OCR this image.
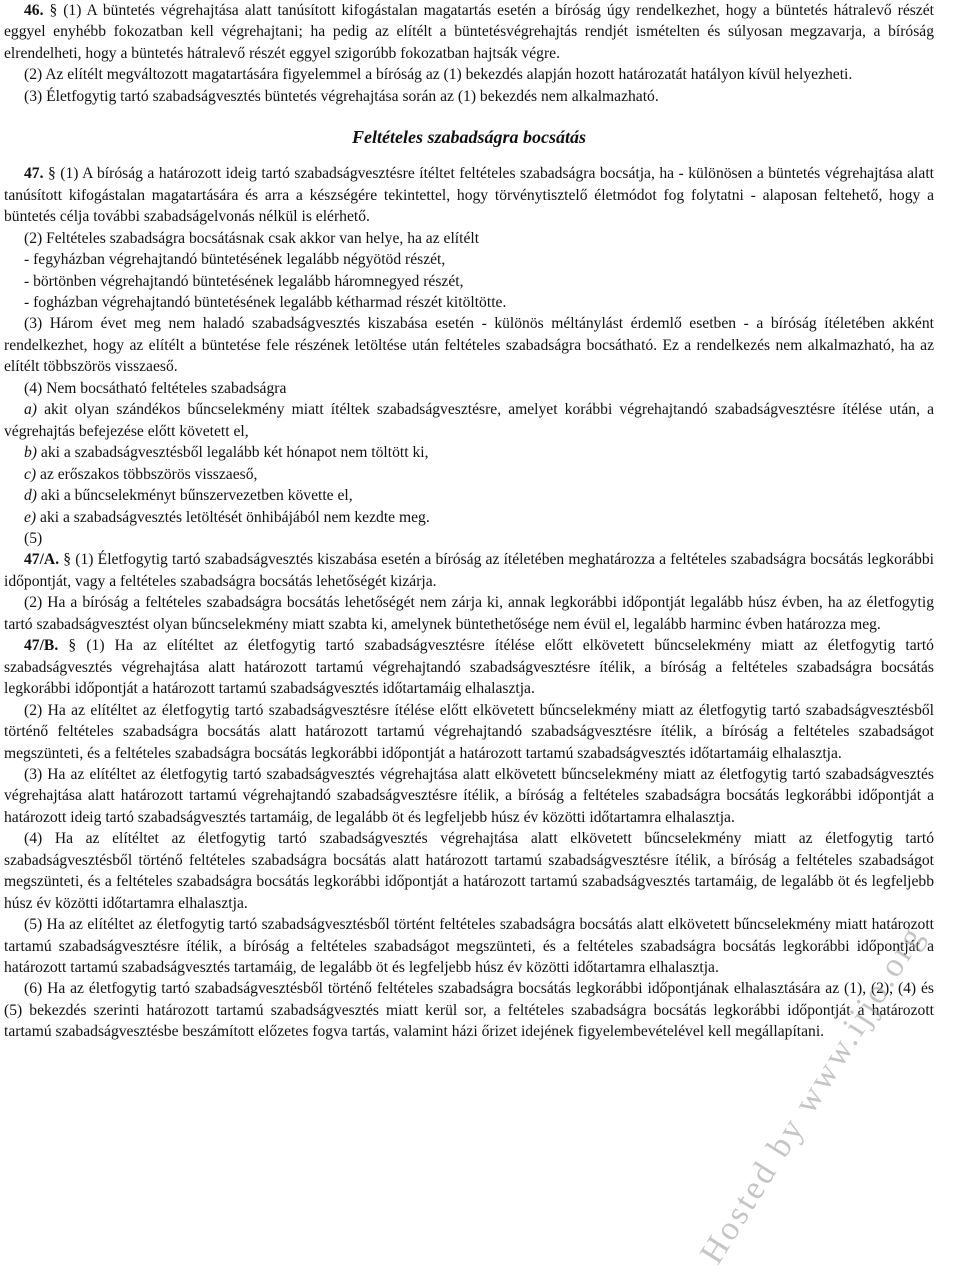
46. § (1) A büntetés végrehajtása alatt tanúsított kifogástalan magatartás esetén a bíróság úgy rendelkezhet, hogy a büntetés hátralevő részét eggyel enyhébb fokozatban kell végrehajtani; ha pedig az elítélt a büntetésvégrehajtás rendjét ismételten és súlyosan megzavarja, a bíróság elrendelheti, hogy a büntetés hátralevő részét eggyel szigorúbb fokozatban hajtsák végre.

(2) Az elítélt megváltozott magatartására figyelemmel a bíróság az (1) bekezdés alapján hozott határozatát hatályon kívül helyezheti.

(3) Életfogytig tartó szabadságvesztés büntetés végrehajtása során az (1) bekezdés nem alkalmazható.

Feltételes szabadságra bocsátás

47. § (1) A bíróság a határozott ideig tartó szabadságvesztésre ítéltet feltételes szabadságra bocsátja, ha - különösen a büntetés végrehajtása alatt tanúsított kifogástalan magatartására és arra a készségére tekintettel, hogy törvénytisztelő életmódot fog folytatni - alaposan feltehető, hogy a büntetés célja további szabadságelvonás nélkül is elérhető.

(2) Feltételes szabadságra bocsátásnak csak akkor van helye, ha az elítélt

- fegyházban végrehajtandó büntetésének legalább négyötöd részét,

- börtönben végrehajtandó büntetésének legalább háromnegyed részét,

- fogházban végrehajtandó büntetésének legalább kétharmad részét kitöltötte.

(3) Három évet meg nem haladó szabadságvesztés kiszabása esetén - különös méltánylást érdemlő esetben - a bíróság ítéletében akként rendelkezhet, hogy az elítélt a büntetése fele részének letöltése után feltételes szabadságra bocsátható. Ez a rendelkezés nem alkalmazható, ha az elítélt többszörös visszaeső.

(4) Nem bocsátható feltételes szabadságra

a) akit olyan szándékos bűncselekmény miatt ítéltek szabadságvesztésre, amelyet korábbi végrehajtandó szabadságvesztésre ítélése után, a végrehajtás befejezése előtt követett el,

b) aki a szabadságvesztésből legalább két hónapot nem töltött ki,

c) az erőszakos többszörös visszaeső,

d) aki a bűncselekményt bűnszervezetben követte el,

e) aki a szabadságvesztés letöltését önhibájából nem kezdte meg.

(5)

47/A. § (1) Életfogytig tartó szabadságvesztés kiszabása esetén a bíróság az ítéletében meghatározza a feltételes szabadságra bocsátás legkorábbi időpontját, vagy a feltételes szabadságra bocsátás lehetőségét kizárja.

(2) Ha a bíróság a feltételes szabadságra bocsátás lehetőségét nem zárja ki, annak legkorábbi időpontját legalább húsz évben, ha az életfogytig tartó szabadságvesztést olyan bűncselekmény miatt szabta ki, amelynek büntethetősége nem évül el, legalább harminc évben határozza meg.

47/B. § (1) Ha az elítéltet az életfogytig tartó szabadságvesztésre ítélése előtt elkövetett bűncselekmény miatt az életfogytig tartó szabadságvesztés végrehajtása alatt határozott tartamú végrehajtandó szabadságvesztésre ítélik, a bíróság a feltételes szabadságra bocsátás legkorábbi időpontját a határozott tartamú szabadságvesztés időtartamáig elhalasztja.

(2) Ha az elítéltet az életfogytig tartó szabadságvesztésre ítélése előtt elkövetett bűncselekmény miatt az életfogytig tartó szabadságvesztésből történő feltételes szabadságra bocsátás alatt határozott tartamú végrehajtandó szabadságvesztésre ítélik, a bíróság a feltételes szabadságot megszünteti, és a feltételes szabadságra bocsátás legkorábbi időpontját a határozott tartamú szabadságvesztés időtartamáig elhalasztja.

(3) Ha az elítéltet az életfogytig tartó szabadságvesztés végrehajtása alatt elkövetett bűncselekmény miatt az életfogytig tartó szabadságvesztés végrehajtása alatt határozott tartamú végrehajtandó szabadságvesztésre ítélik, a bíróság a feltételes szabadságra bocsátás legkorábbi időpontját a határozott ideig tartó szabadságvesztés tartamáig, de legalább öt és legfeljebb húsz év közötti időtartamra elhalasztja.

(4) Ha az elítéltet az életfogytig tartó szabadságvesztés végrehajtása alatt elkövetett bűncselekmény miatt az életfogytig tartó szabadságvesztésből történő feltételes szabadságra bocsátás alatt határozott tartamú szabadságvesztésre ítélik, a bíróság a feltételes szabadságot megszünteti, és a feltételes szabadságra bocsátás legkorábbi időpontját a határozott tartamú szabadságvesztés tartamáig, de legalább öt és legfeljebb húsz év közötti időtartamra elhalasztja.

(5) Ha az elítéltet az életfogytig tartó szabadságvesztésből történt feltételes szabadságra bocsátás alatt elkövetett bűncselekmény miatt határozott tartamú szabadságvesztésre ítélik, a bíróság a feltételes szabadságot megszünteti, és a feltételes szabadságra bocsátás legkorábbi időpontját a határozott tartamú szabadságvesztés tartamáig, de legalább öt és legfeljebb húsz év közötti időtartamra elhalasztja.

(6) Ha az életfogytig tartó szabadságvesztésből történő feltételes szabadságra bocsátás legkorábbi időpontjának elhalasztására az (1), (2), (4) és (5) bekezdés szerinti határozott tartamú szabadságvesztés miatt kerül sor, a feltételes szabadságra bocsátás legkorábbi időpontját a határozott tartamú szabadságvesztésbe beszámított előzetes fogva tartás, valamint házi őrizet idejének figyelembevételével kell megállapítani.

Hosted by www.ijjo.org
